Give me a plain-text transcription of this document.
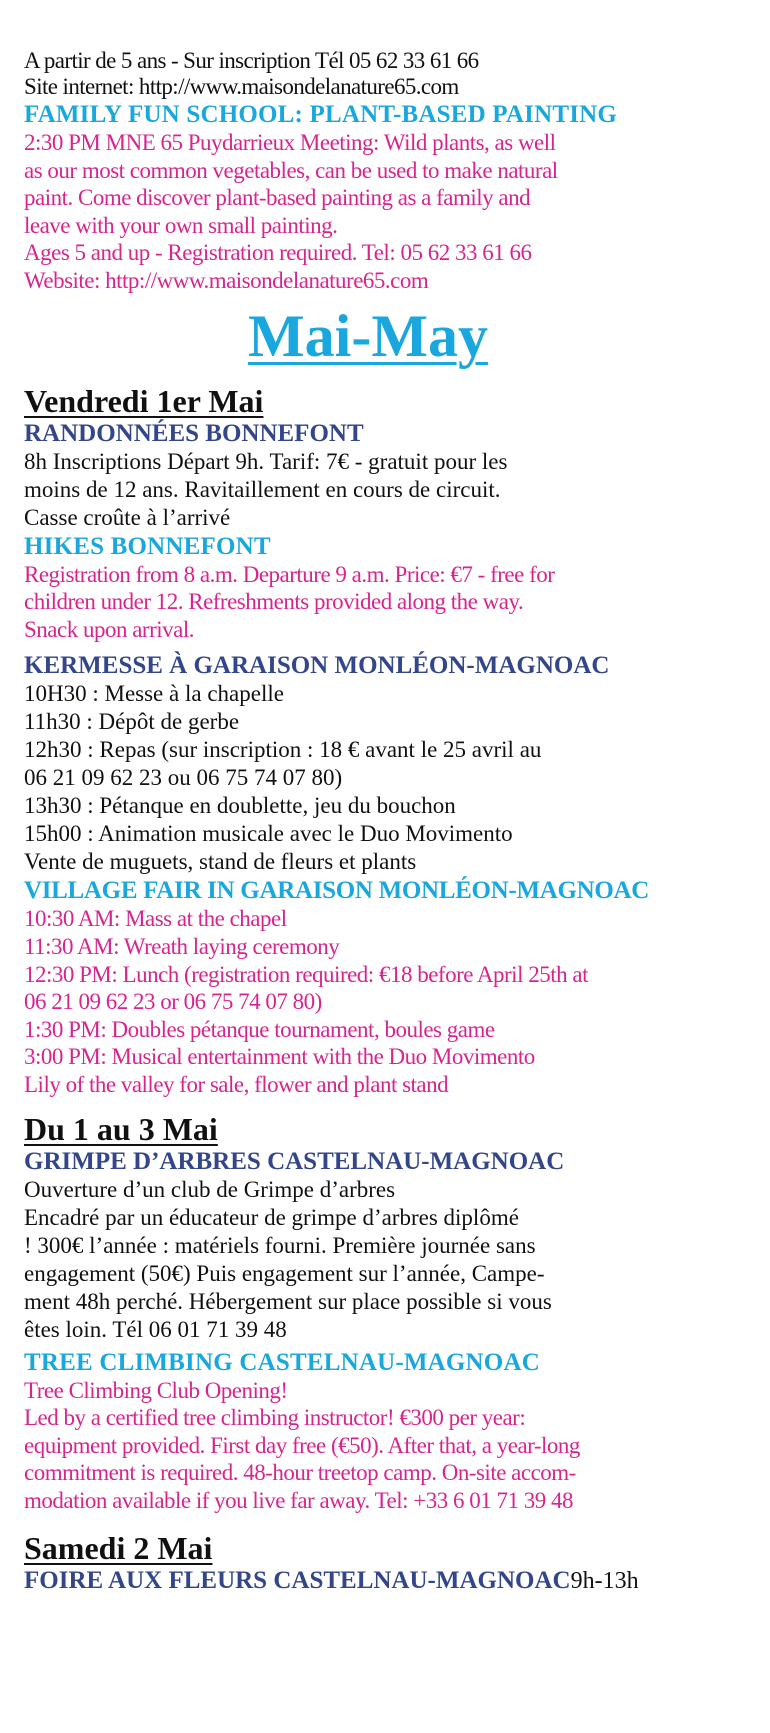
A partir de 5 ans - Sur inscription Tél 05 62 33 61 66
Site internet: http://www.maisondelanature65.com
FAMILY FUN SCHOOL: PLANT-BASED PAINTING
2:30 PM MNE 65 Puydarrieux Meeting: Wild plants, as well
as our most common vegetables, can be used to make natural
paint. Come discover plant-based painting as a family and
leave with your own small painting.
Ages 5 and up - Registration required. Tel: 05 62 33 61 66
Website: http://www.maisondelanature65.com
Mai-May
Vendredi 1er Mai
RANDONNÉES BONNEFONT
8h Inscriptions Départ 9h. Tarif: 7€ - gratuit pour les
moins de 12 ans. Ravitaillement en cours de circuit.
Casse croûte à l’arrivé
HIKES BONNEFONT
Registration from 8 a.m. Departure 9 a.m. Price: €7 - free for
children under 12. Refreshments provided along the way.
Snack upon arrival.
KERMESSE À GARAISON MONLÉON-MAGNOAC
10H30 : Messe à la chapelle
11h30 : Dépôt de gerbe
12h30 : Repas (sur inscription : 18 € avant le 25 avril au
06 21 09 62 23 ou 06 75 74 07 80)
13h30 : Pétanque en doublette, jeu du bouchon
15h00 : Animation musicale avec le Duo Movimento
Vente de muguets, stand de fleurs et plants
VILLAGE FAIR IN GARAISON MONLÉON-MAGNOAC
10:30 AM: Mass at the chapel
11:30 AM: Wreath laying ceremony
12:30 PM: Lunch (registration required: €18 before April 25th at
06 21 09 62 23 or 06 75 74 07 80)
1:30 PM: Doubles pétanque tournament, boules game
3:00 PM: Musical entertainment with the Duo Movimento
Lily of the valley for sale, flower and plant stand
Du 1 au 3 Mai
GRIMPE D’ARBRES CASTELNAU-MAGNOAC
Ouverture d’un club de Grimpe d’arbres
Encadré par un éducateur de grimpe d’arbres diplômé
! 300€ l’année : matériels fourni. Première journée sans
engagement (50€) Puis engagement sur l’année, Campe-
ment 48h perché. Hébergement sur place possible si vous
êtes loin. Tél 06 01 71 39 48
TREE CLIMBING CASTELNAU-MAGNOAC
Tree Climbing Club Opening!
Led by a certified tree climbing instructor! €300 per year:
equipment provided. First day free (€50). After that, a year-long
commitment is required. 48-hour treetop camp. On-site accom-
modation available if you live far away. Tel: +33 6 01 71 39 48
Samedi 2 Mai
FOIRE AUX FLEURS CASTELNAU-MAGNOAC9h-13h
